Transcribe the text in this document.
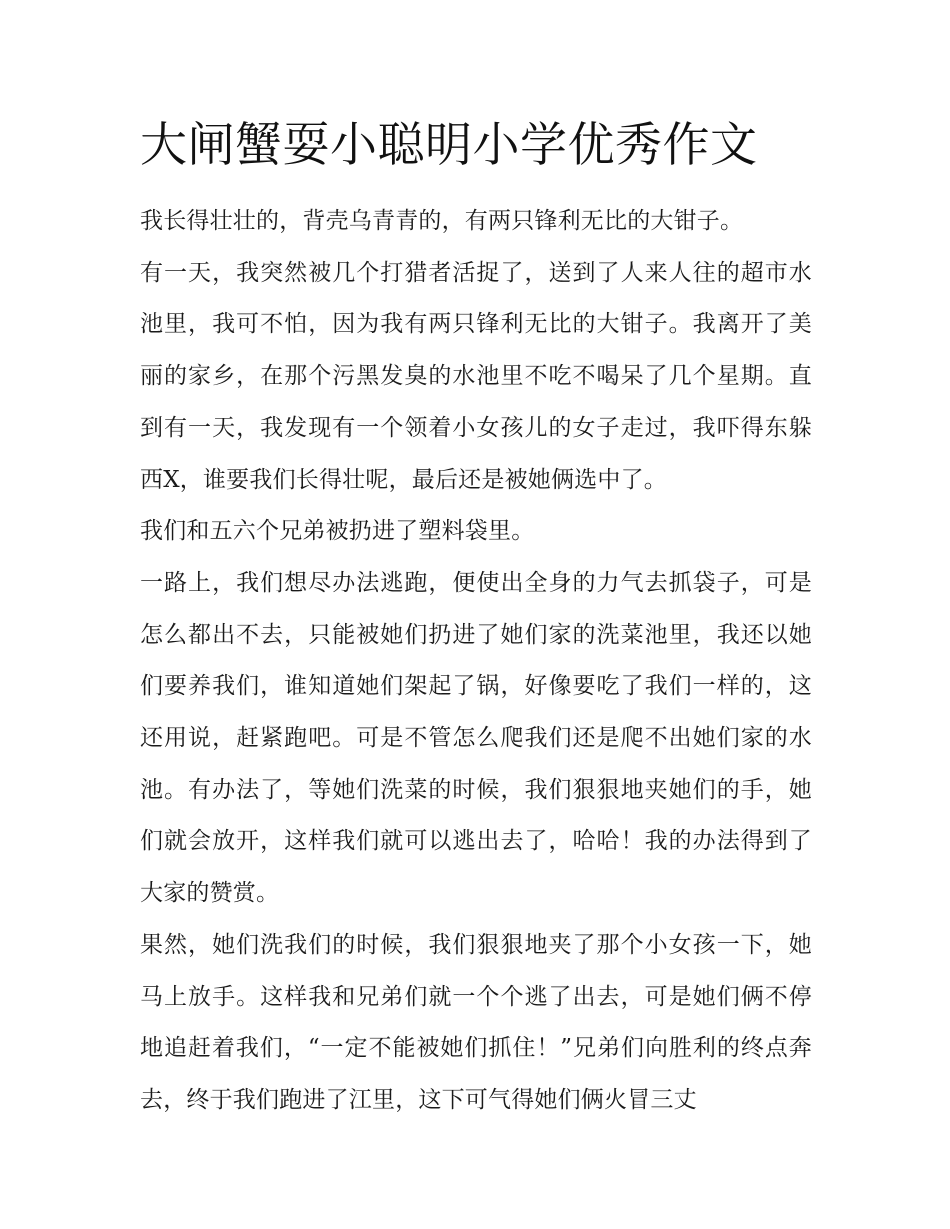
大闸蟹耍小聪明小学优秀作文

我长得壮壮的，背壳乌青青的，有两只锋利无比的大钳子。

有一天，我突然被几个打猎者活捉了，送到了人来人往的超市水池里，我可不怕，因为我有两只锋利无比的大钳子。我离开了美丽的家乡，在那个污黑发臭的水池里不吃不喝呆了几个星期。直到有一天，我发现有一个领着小女孩儿的女子走过，我吓得东躲西X，谁要我们长得壮呢，最后还是被她俩选中了。

我们和五六个兄弟被扔进了塑料袋里。

一路上，我们想尽办法逃跑，便使出全身的力气去抓袋子，可是怎么都出不去，只能被她们扔进了她们家的洗菜池里，我还以她们要养我们，谁知道她们架起了锅，好像要吃了我们一样的，这还用说，赶紧跑吧。可是不管怎么爬我们还是爬不出她们家的水池。有办法了，等她们洗菜的时候，我们狠狠地夹她们的手，她们就会放开，这样我们就可以逃出去了，哈哈！我的办法得到了大家的赞赏。

果然，她们洗我们的时候，我们狠狠地夹了那个小女孩一下，她马上放手。这样我和兄弟们就一个个逃了出去，可是她们俩不停地追赶着我们，“一定不能被她们抓住！”兄弟们向胜利的终点奔去，终于我们跑进了江里，这下可气得她们俩火冒三丈
